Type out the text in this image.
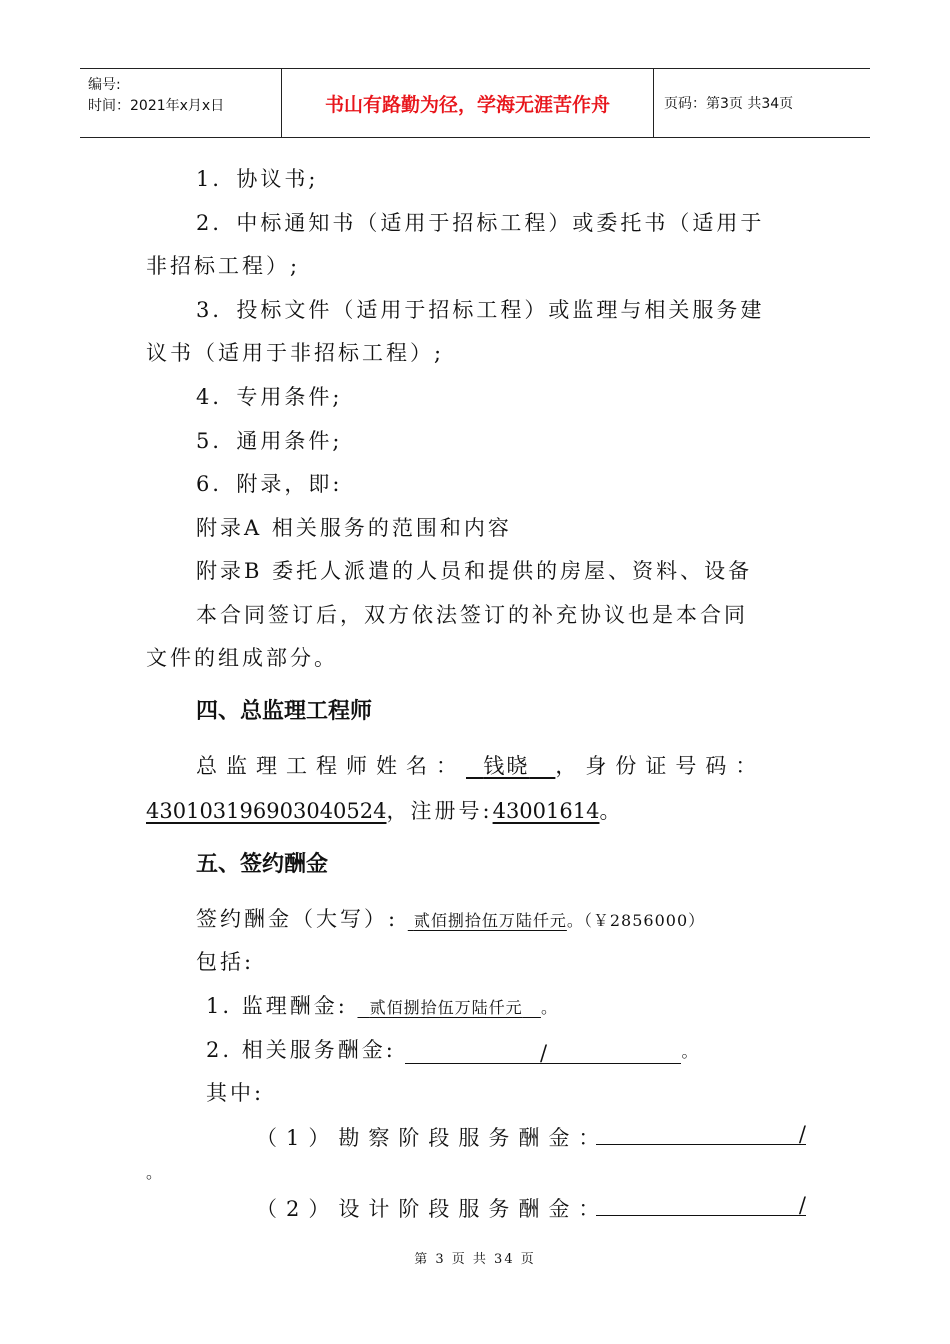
编号:
时间：2021年x月x日	书山有路勤为径，学海无涯苦作舟	页码：第3页 共34页
1．协议书;
2．中标通知书（适用于招标工程）或委托书（适用于
非招标工程）;
3．投标文件（适用于招标工程）或监理与相关服务建
议书（适用于非招标工程）;
4．专用条件;
5．通用条件;
6．附录，即:
附录A 相关服务的范围和内容
附录B 委托人派遣的人员和提供的房屋、资料、设备
本合同签订后，双方依法签订的补充协议也是本合同
文件的组成部分。
四、总监理工程师
总监理工程师姓名： 钱晓 ，身份证号码：
430103196903040524，注册号:43001614。
五、签约酬金
签约酬金（大写）: 贰佰捌拾伍万陆仟元。（￥2856000）
包括:
1. 监理酬金: 贰佰捌拾伍万陆仟元 。
2. 相关服务酬金:	/	。
其中:
（1）勘察阶段服务酬金：	/
。
（2）设计阶段服务酬金：	/
第 3 页 共 34 页
